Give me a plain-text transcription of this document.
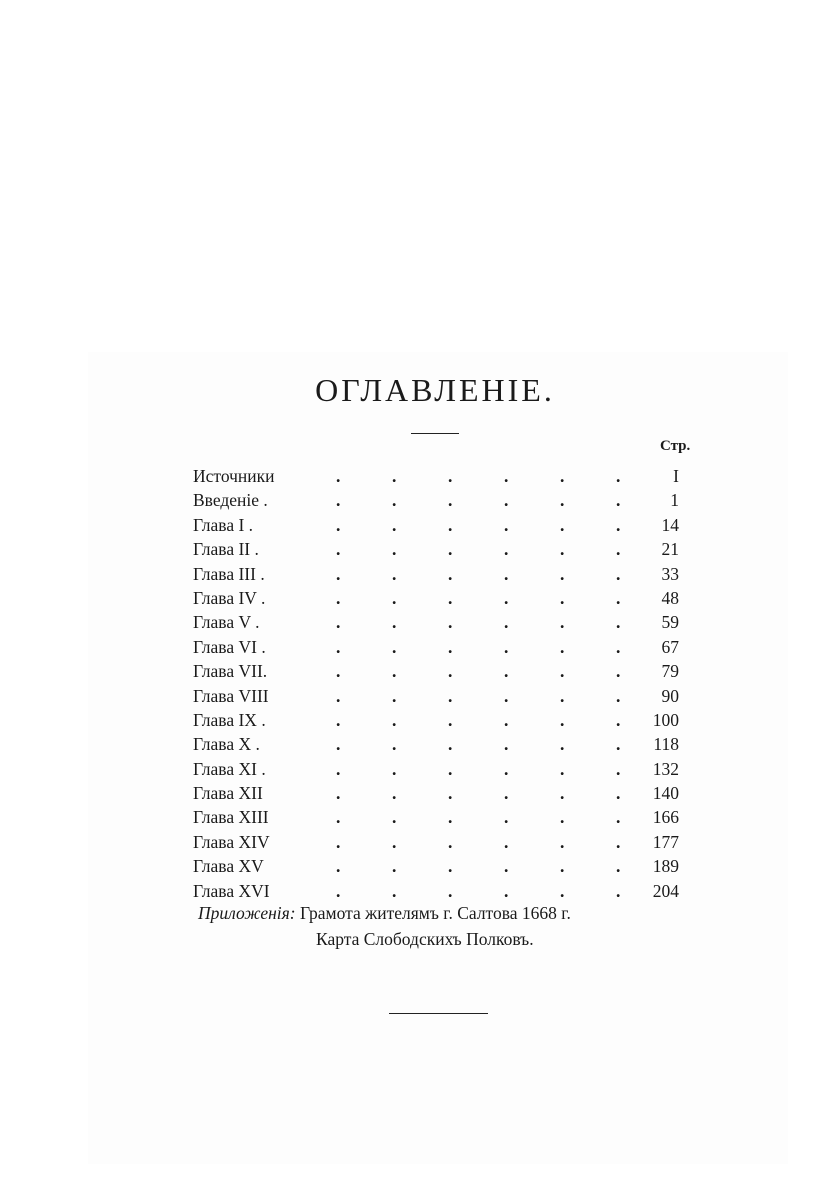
ОГЛАВЛЕНIЕ.
Стр.
Источники	.	.	.	.	.	.	I
Введенiе .	.	.	.	.	.	.	1
Глава I .	.	.	.	.	.	. 14
Глава II .	.	.	.	.	.	. 21
Глава III .	.	.	.	.	.	. 33
Глава IV .	.	.	.	.	.	. 48
Глава V .	.	.	.	.	.	. 59
Глава VI .	.	.	.	.	.	. 67
Глава VII.	.	.	.	.	.	. 79
Глава VIII	.	.	.	.	.	. 90
Глава IX .	.	.	.	.	.	. 100
Глава X .	.	.	.	.	.	. 118
Глава XI .	.	.	.	.	.	. 132
Глава XII	.	.	.	.	.	. 140
Глава XIII	.	.	.	.	.	. 166
Глава XIV	.	.	.	.	.	. 177
Глава XV	.	.	.	.	.	. 189
Глава XVI	.	.	.	.	.	. 204
Приложенiя: Грамота жителямъ г. Салтова 1668 г.
Карта Слободскихъ Полковъ.
